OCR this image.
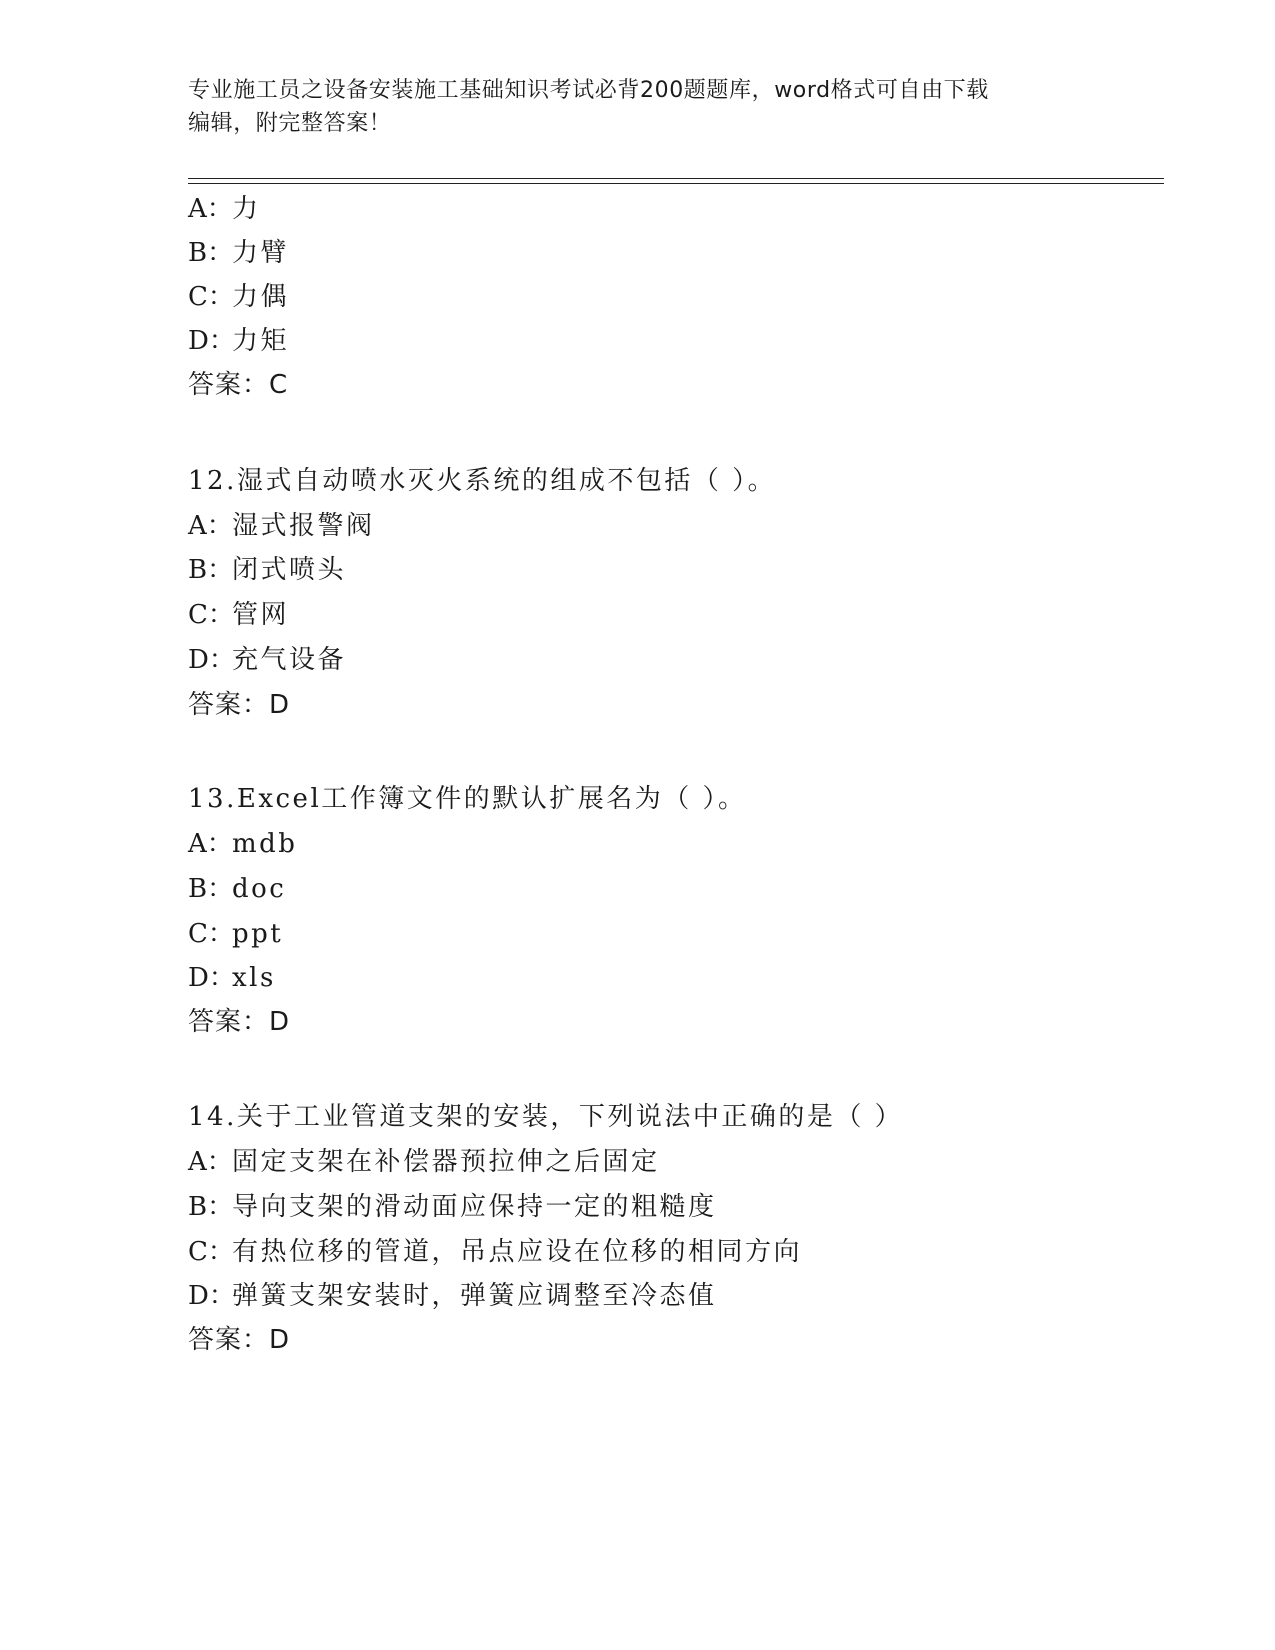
专业施工员之设备安装施工基础知识考试必背200题题库，word格式可自由下载
编辑，附完整答案！
A：力
B：力臂
C：力偶
D：力矩
答案：C
12.湿式自动喷水灭火系统的组成不包括（ ）。
A：湿式报警阀
B：闭式喷头
C：管网
D：充气设备
答案：D
13.Excel工作簿文件的默认扩展名为（ ）。
A：mdb
B：doc
C：ppt
D：xls
答案：D
14.关于工业管道支架的安装，下列说法中正确的是（ ）
A：固定支架在补偿器预拉伸之后固定
B：导向支架的滑动面应保持一定的粗糙度
C：有热位移的管道，吊点应设在位移的相同方向
D：弹簧支架安装时，弹簧应调整至冷态值
答案：D
